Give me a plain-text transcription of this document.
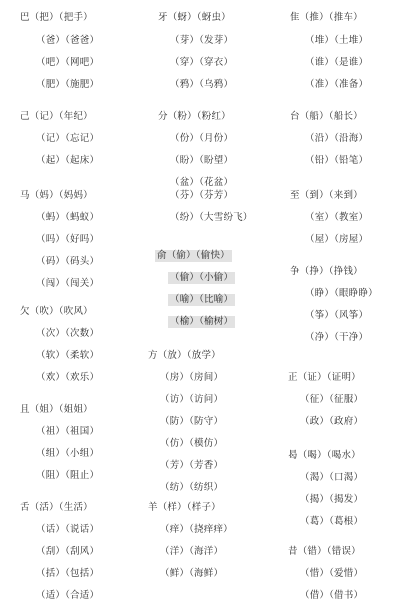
巴（把）（把手）
（爸）（爸爸）
（吧）（网吧）
（肥）（施肥）
牙（蚜）（蚜虫）
（芽）（发芽）
（穿）（穿衣）
（鸦）（乌鸦）
隹（推）（推车）
（堆）（土堆）
（谁）（是谁）
（准）（准备）
己（记）（年纪）
（记）（忘记）
（起）（起床）
分（粉）（粉红）
（份）（月份）
（盼）（盼望）
（盆）（花盆）
台（船）（船长）
（沿）（沿海）
（铅）（铅笔）
马（妈）（妈妈）
（蚂）（蚂蚁）
（吗）（好吗）
（码）（码头）
（闯）（闯关）
（芬）（芬芳）
（纷）（大雪纷飞）
俞（偷）（偷快）
（偷）（小偷）
（喻）（比喻）
（榆）（榆树）
至（到）（来到）
（室）（教室）
（屋）（房屋）
争（挣）（挣钱）
（睁）（眼睁睁）
（筝）（风筝）
（净）（干净）
欠（吹）（吹风）
（次）（次数）
（软）（柔软）
（欢）（欢乐）
方（放）（放学）
（房）（房间）
（访）（访问）
（防）（防守）
（仿）（模仿）
（芳）（芳香）
（纺）（纺织）
正（证）（证明）
（征）（征服）
（政）（政府）
且（姐）（姐姐）
（祖）（祖国）
（组）（小组）
（阻）（阻止）
曷（喝）（喝水）
（渴）（口渴）
（揭）（揭发）
（葛）（葛根）
舌（活）（生活）
（话）（说话）
（刮）（刮风）
（括）（包括）
（适）（合适）
羊（样）（样子）
（痒）（挠痒痒）
（洋）（海洋）
（鲜）（海鲜）
昔（错）（错误）
（惜）（爱惜）
（借）（借书）
